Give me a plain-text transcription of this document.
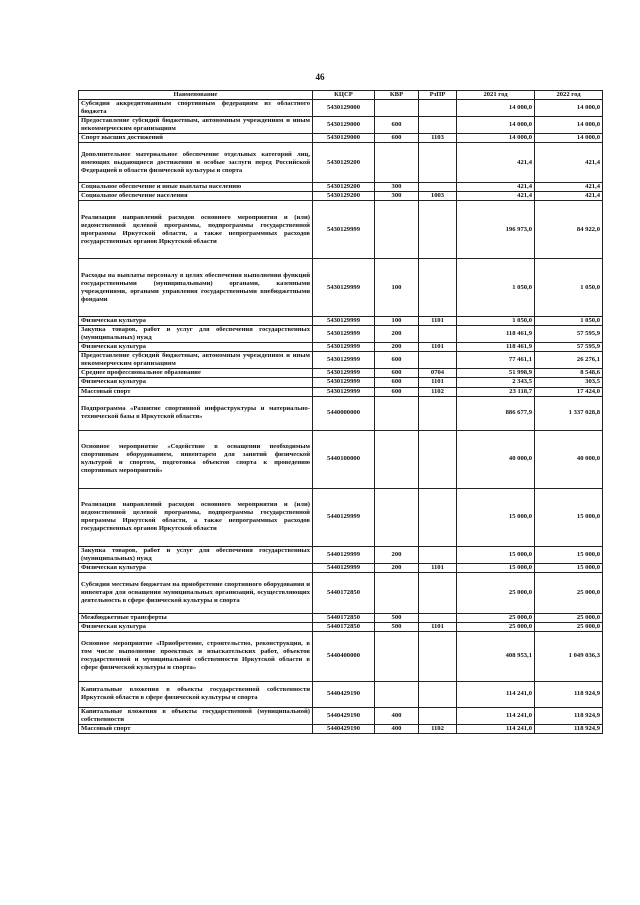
46
Наименование	КЦСР	КВР	РзПР	2021 год	2022 год
Субсидии аккредитованным спортивным федерациям из областного бюджета	5430129000			14 000,0	14 000,0
Предоставление субсидий бюджетным, автономным учреждениям и иным некоммерческим организациям	5430129000	600		14 000,0	14 000,0
Спорт высших достижений	5430129000	600	1103	14 000,0	14 000,0
Дополнительное материальное обеспечение отдельных категорий лиц, имеющих выдающиеся достижения и особые заслуги перед Российской Федерацией в области физической культуры и спорта	5430129200			421,4	421,4
Социальное обеспечение и иные выплаты населению	5430129200	300		421,4	421,4
Социальное обеспечение населения	5430129200	300	1003	421,4	421,4
Реализация направлений расходов основного мероприятия и (или) ведомственной целевой программы, подпрограммы государственной программы Иркутской области, а также непрограммных расходов государственных органов Иркутской области	5430129999			196 973,0	84 922,0
Расходы на выплаты персоналу в целях обеспечения выполнения функций государственными (муниципальными) органами, казенными учреждениями, органами управления государственными внебюджетными фондами	5430129999	100		1 050,0	1 050,0
Физическая культура	5430129999	100	1101	1 050,0	1 050,0
Закупка товаров, работ и услуг для обеспечения государственных (муниципальных) нужд	5430129999	200		118 461,9	57 595,9
Физическая культура	5430129999	200	1101	118 461,9	57 595,9
Предоставление субсидий бюджетным, автономным учреждениям и иным некоммерческим организациям	5430129999	600		77 461,1	26 276,1
Среднее профессиональное образование	5430129999	600	0704	51 998,9	8 548,6
Физическая культура	5430129999	600	1101	2 343,5	303,5
Массовый спорт	5430129999	600	1102	23 118,7	17 424,0
Подпрограмма «Развитие спортивной инфраструктуры и материально- технической базы в Иркутской области»	5440000000			886 677,9	1 337 028,8
Основное мероприятие «Содействие в оснащении необходимым спортивным оборудованием, инвентарем для занятий физической культурой и спортом, подготовка объектов спорта к проведению спортивных мероприятий»	5440100000			40 000,0	40 000,0
Реализация направлений расходов основного мероприятия и (или) ведомственной целевой программы, подпрограммы государственной программы Иркутской области, а также непрограммных расходов государственных органов Иркутской области	5440129999			15 000,0	15 000,0
Закупка товаров, работ и услуг для обеспечения государственных (муниципальных) нужд	5440129999	200		15 000,0	15 000,0
Физическая культура	5440129999	200	1101	15 000,0	15 000,0
Субсидии местным бюджетам на приобретение спортивного оборудования и инвентаря для оснащения муниципальных организаций, осуществляющих деятельность в сфере физической культуры и спорта	5440172850			25 000,0	25 000,0
Межбюджетные трансферты	5440172850	500		25 000,0	25 000,0
Физическая культура	5440172850	500	1101	25 000,0	25 000,0
Основное мероприятие «Приобретение, строительство, реконструкция, в том числе выполнение проектных и изыскательских работ, объектов государственной и муниципальной собственности Иркутской области в сфере физической культуры и спорта»	5440400000			408 953,1	1 049 036,3
Капитальные вложения в объекты государственной собственности Иркутской области в сфере физической культуры и спорта	5440429190			114 241,0	118 924,9
Капитальные вложения в объекты государственной (муниципальной) собственности	5440429190	400		114 241,0	118 924,9
Массовый спорт	5440429190	400	1102	114 241,0	118 924,9
